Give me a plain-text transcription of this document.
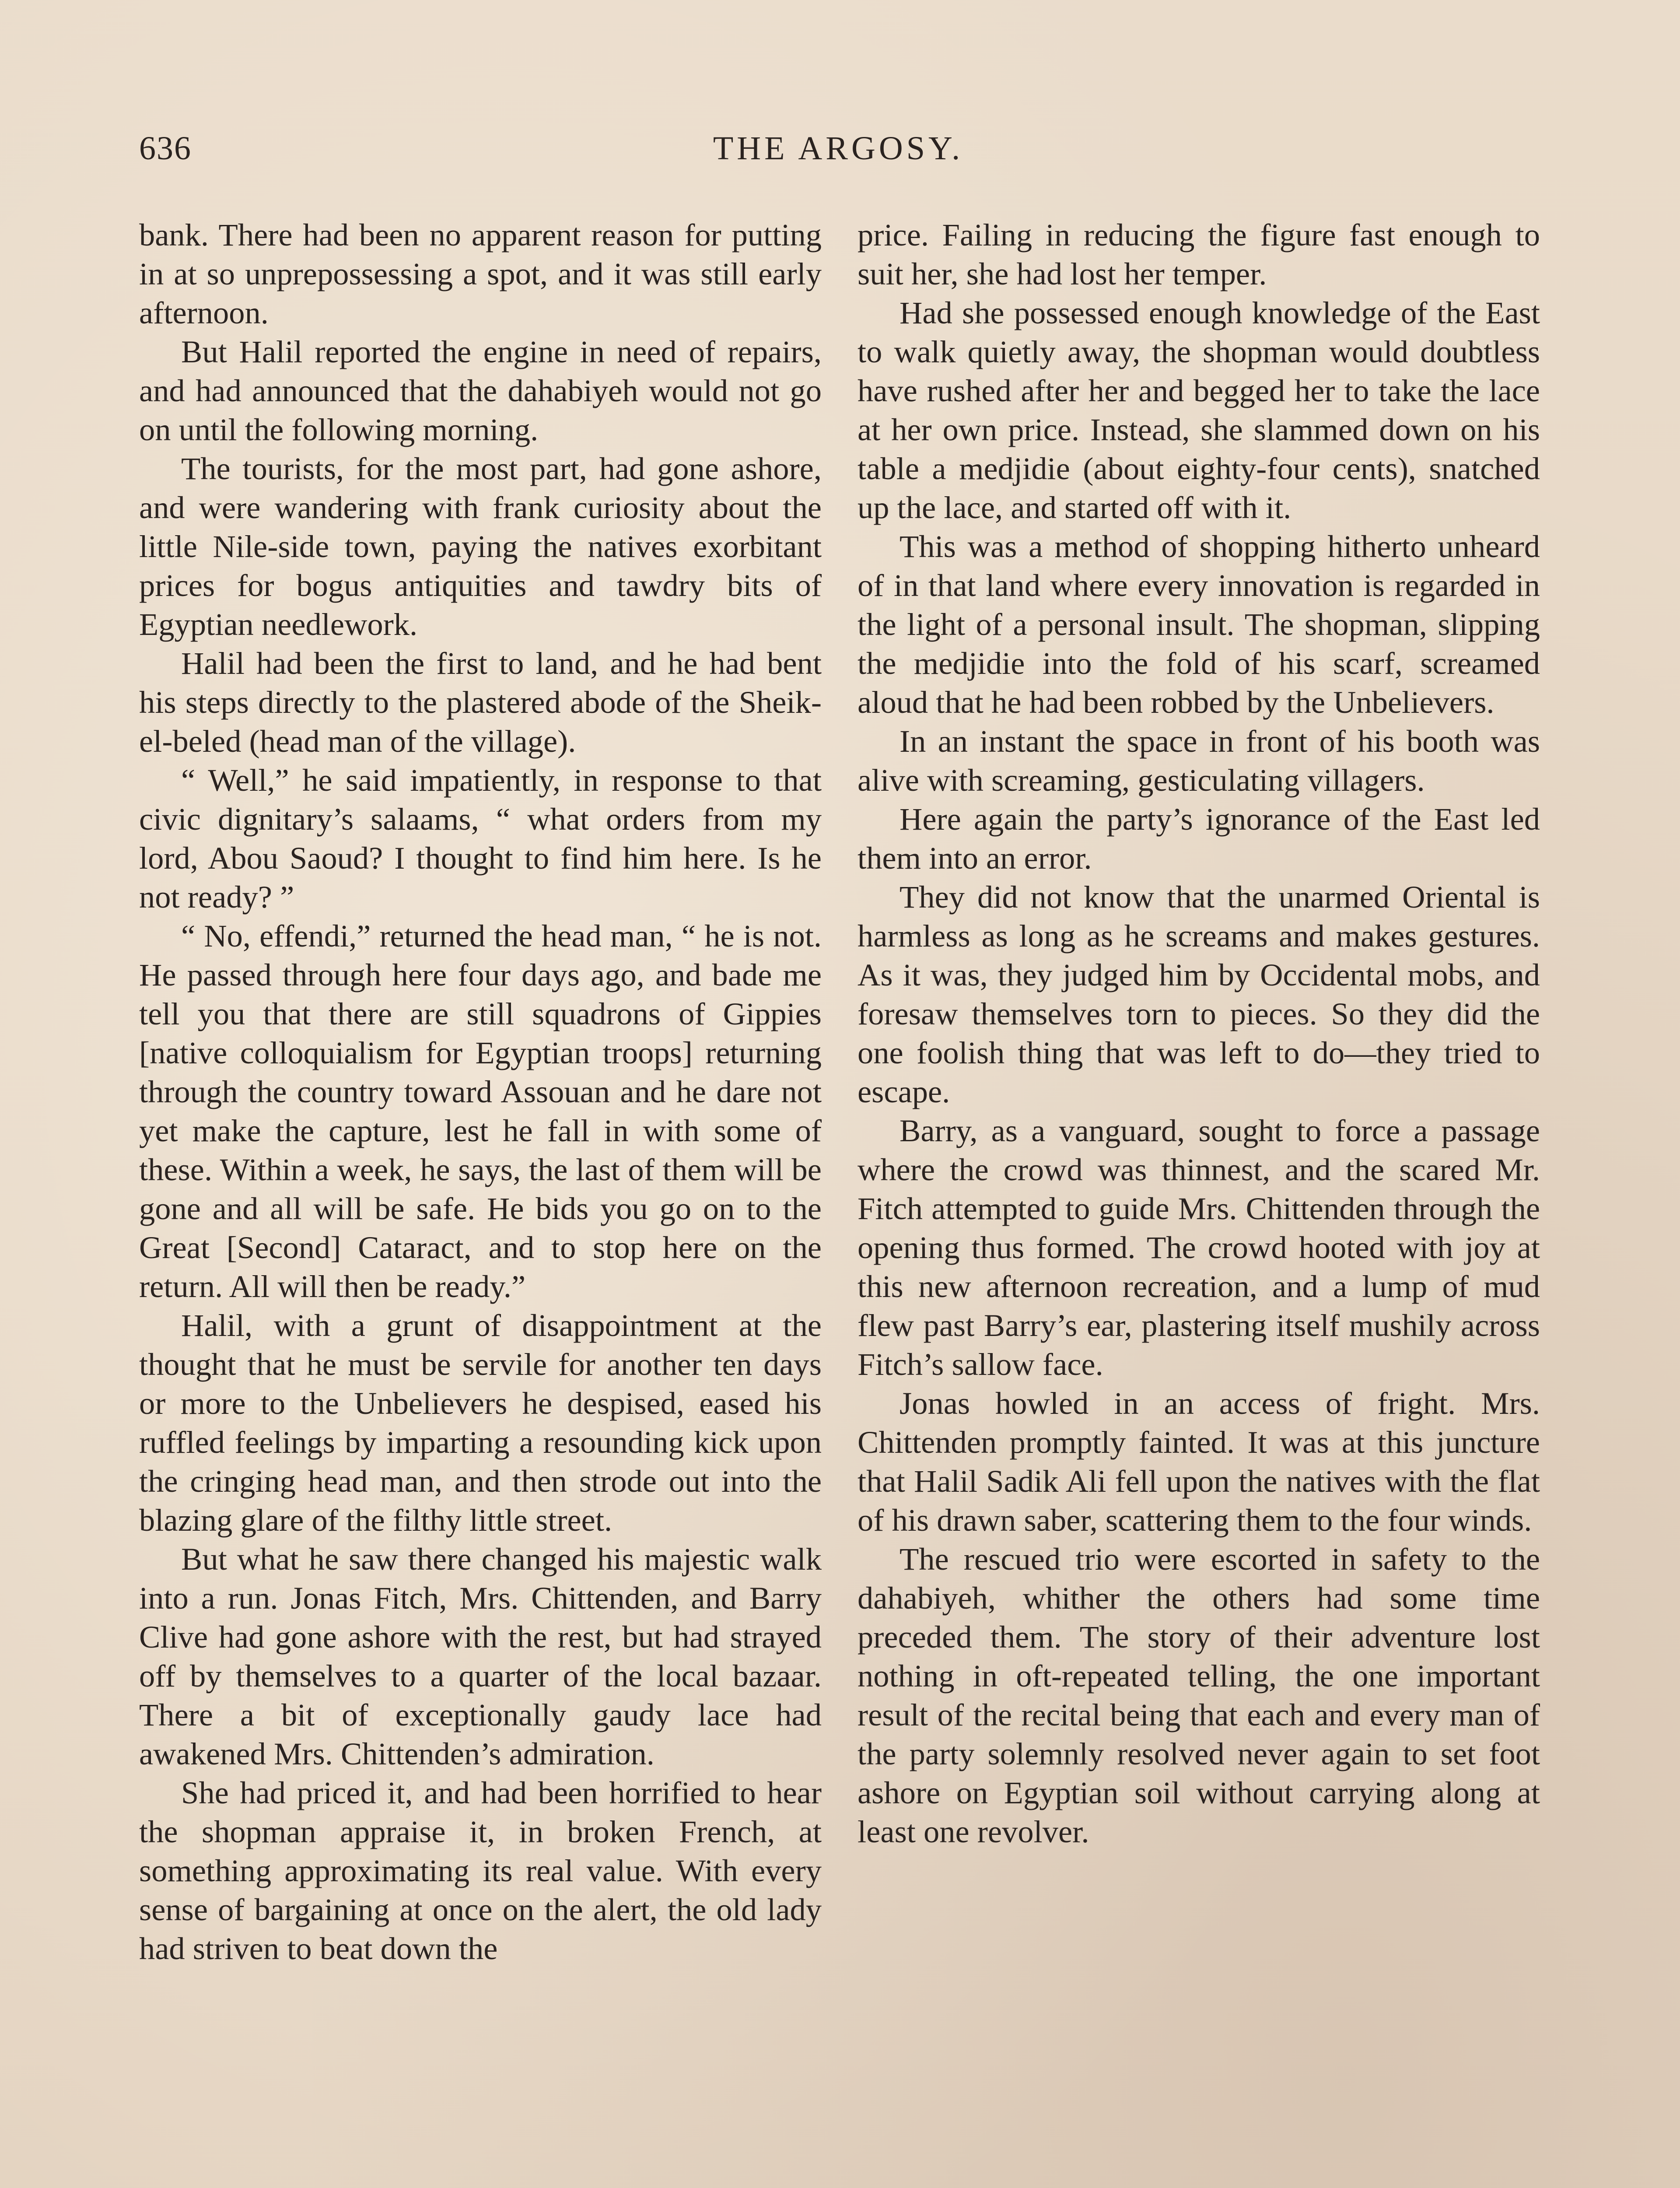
636	THE ARGOSY.

bank. There had been no apparent reason for putting in at so unprepossessing a spot, and it was still early afternoon.

But Halil reported the engine in need of repairs, and had announced that the dahabiyeh would not go on until the following morning.

The tourists, for the most part, had gone ashore, and were wandering with frank curiosity about the little Nile-side town, paying the natives exorbitant prices for bogus antiquities and tawdry bits of Egyptian needlework.

Halil had been the first to land, and he had bent his steps directly to the plastered abode of the Sheik-el-beled (head man of the village).

“ Well,” he said impatiently, in response to that civic dignitary’s salaams, “ what orders from my lord, Abou Saoud? I thought to find him here. Is he not ready? ”

“ No, effendi,” returned the head man, “ he is not. He passed through here four days ago, and bade me tell you that there are still squadrons of Gippies [native colloquialism for Egyptian troops] returning through the country toward Assouan and he dare not yet make the capture, lest he fall in with some of these. Within a week, he says, the last of them will be gone and all will be safe. He bids you go on to the Great [Second] Cataract, and to stop here on the return. All will then be ready.”

Halil, with a grunt of disappointment at the thought that he must be servile for another ten days or more to the Unbelievers he despised, eased his ruffled feelings by imparting a resounding kick upon the cringing head man, and then strode out into the blazing glare of the filthy little street.

But what he saw there changed his majestic walk into a run. Jonas Fitch, Mrs. Chittenden, and Barry Clive had gone ashore with the rest, but had strayed off by themselves to a quarter of the local bazaar. There a bit of exceptionally gaudy lace had awakened Mrs. Chittenden’s admiration.

She had priced it, and had been horrified to hear the shopman appraise it, in broken French, at something approximating its real value. With every sense of bargaining at once on the alert, the old lady had striven to beat down the

price. Failing in reducing the figure fast enough to suit her, she had lost her temper.

Had she possessed enough knowledge of the East to walk quietly away, the shopman would doubtless have rushed after her and begged her to take the lace at her own price. Instead, she slammed down on his table a medjidie (about eighty-four cents), snatched up the lace, and started off with it.

This was a method of shopping hitherto unheard of in that land where every innovation is regarded in the light of a personal insult. The shopman, slipping the medjidie into the fold of his scarf, screamed aloud that he had been robbed by the Unbelievers.

In an instant the space in front of his booth was alive with screaming, gesticulating villagers.

Here again the party’s ignorance of the East led them into an error.

They did not know that the unarmed Oriental is harmless as long as he screams and makes gestures. As it was, they judged him by Occidental mobs, and foresaw themselves torn to pieces. So they did the one foolish thing that was left to do—they tried to escape.

Barry, as a vanguard, sought to force a passage where the crowd was thinnest, and the scared Mr. Fitch attempted to guide Mrs. Chittenden through the opening thus formed. The crowd hooted with joy at this new afternoon recreation, and a lump of mud flew past Barry’s ear, plastering itself mushily across Fitch’s sallow face.

Jonas howled in an access of fright. Mrs. Chittenden promptly fainted. It was at this juncture that Halil Sadik Ali fell upon the natives with the flat of his drawn saber, scattering them to the four winds.

The rescued trio were escorted in safety to the dahabiyeh, whither the others had some time preceded them. The story of their adventure lost nothing in oft-repeated telling, the one important result of the recital being that each and every man of the party solemnly resolved never again to set foot ashore on Egyptian soil without carrying along at least one revolver.
